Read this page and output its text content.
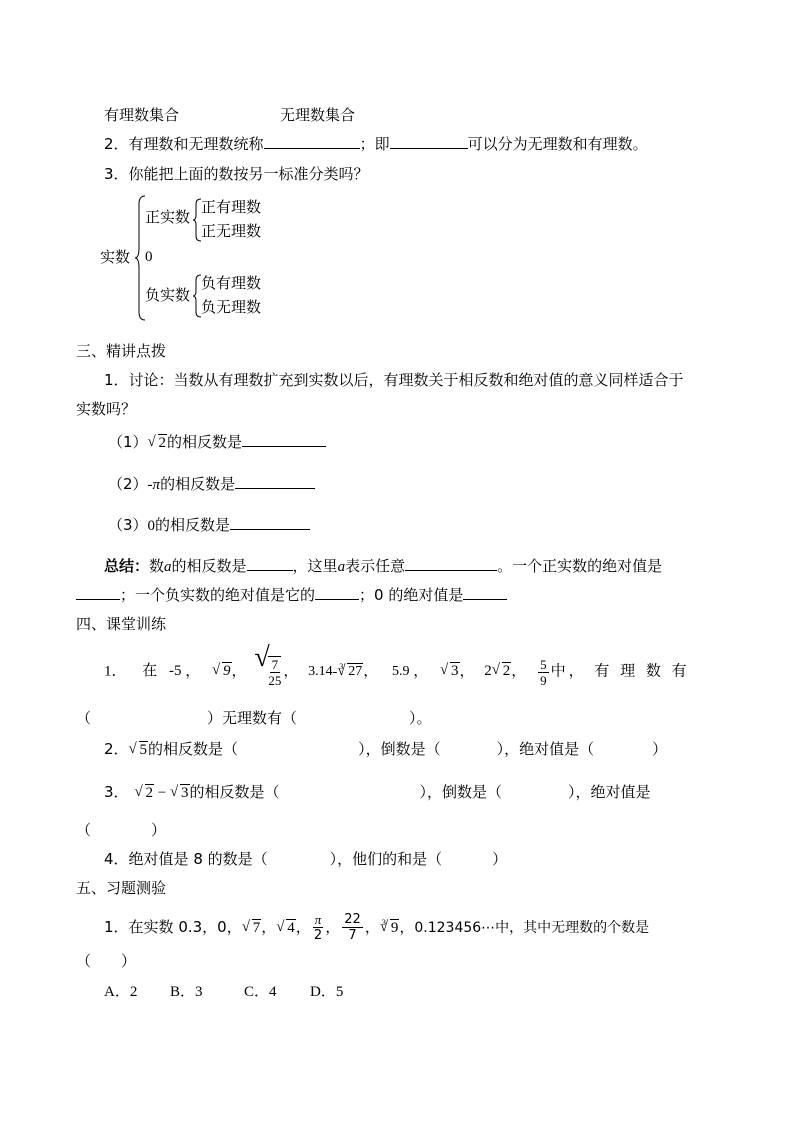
有理数集合	无理数集合
2．有理数和无理数统称	；即	可以分为无理数和有理数。
3．你能把上面的数按另一标准分类吗？
实数
正实数
0
负实数
正有理数
正无理数
负有理数
负无理数
三、精讲点拨
1．讨论：当数从有理数扩充到实数以后，有理数关于相反数和绝对值的意义同样适合于
实数吗？
（1） √ 2的相反数是
（2）-π的相反数是
（3）0的相反数是
总结：数a的相反数是	，这里a表示任意	。一个正实数的绝对值是
；一个负实数的绝对值是它的	；0 的绝对值是
四、课堂训练
1． 在 -5 ， √ 9， √
$\frac{7}{25}$ ， 3.14- √ 3 27， 5.9 ， √ 3， 2 √ 2， $\frac{5}{9}$ 中， 有 理 数 有
（	）无理数有（	）。
2． √ 5的相反数是（	），倒数是（	），绝对值是（	）
3． √ 2 − √ 3的相反数是（	），倒数是（	），绝对值是
（　　　　）
4．绝对值是 8 的数是（	），他们的和是（	）
五、习题测验
1．在实数 0.3，0， √ 7， √ 4， $\frac{\pi}{2}$ ， $\frac{22}{7}$ ， √ 3 9，0.123456⋯中，其中无理数的个数是
（　　）
A．2 B．3	C．4 D．5
